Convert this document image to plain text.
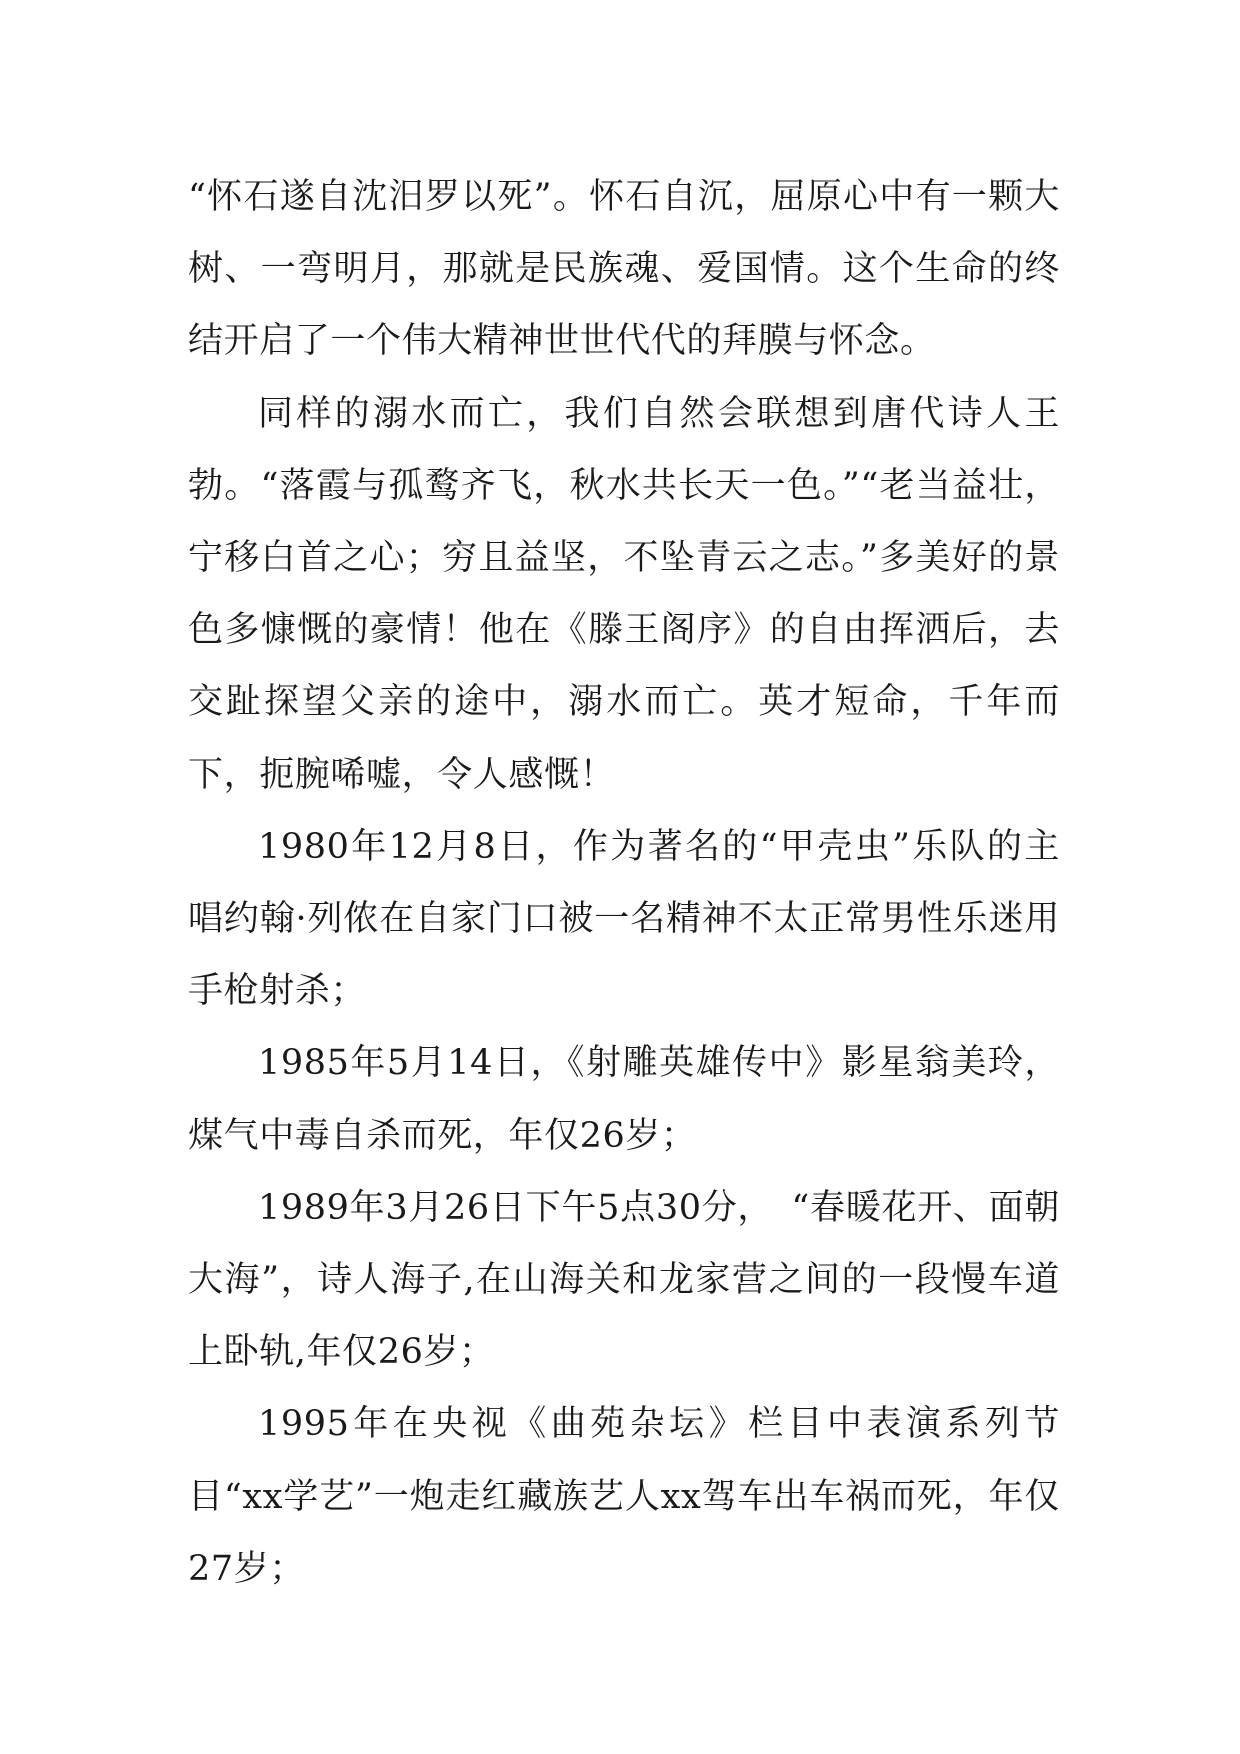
“怀石遂自沈汨罗以死”。怀石自沉，屈原心中有一颗大树、一弯明月，那就是民族魂、爱国情。这个生命的终结开启了一个伟大精神世世代代的拜膜与怀念。

同样的溺水而亡，我们自然会联想到唐代诗人王勃。“落霞与孤鹜齐飞，秋水共长天一色。”“老当益壮，宁移白首之心；穷且益坚，不坠青云之志。”多美好的景色多慷慨的豪情！他在《滕王阁序》的自由挥洒后，去交趾探望父亲的途中，溺水而亡。英才短命，千年而下，扼腕唏嘘，令人感慨！

1980年12月8日，作为著名的“甲壳虫”乐队的主唱约翰·列侬在自家门口被一名精神不太正常男性乐迷用手枪射杀；

1985年5月14日，《射雕英雄传中》影星翁美玲，煤气中毒自杀而死，年仅26岁；

1989年3月26日下午5点30分，　“春暖花开、面朝大海”，诗人海子,在山海关和龙家营之间的一段慢车道上卧轨,年仅26岁；

1995年在央视《曲苑杂坛》栏目中表演系列节目“xx学艺”一炮走红藏族艺人xx驾车出车祸而死，年仅27岁；
